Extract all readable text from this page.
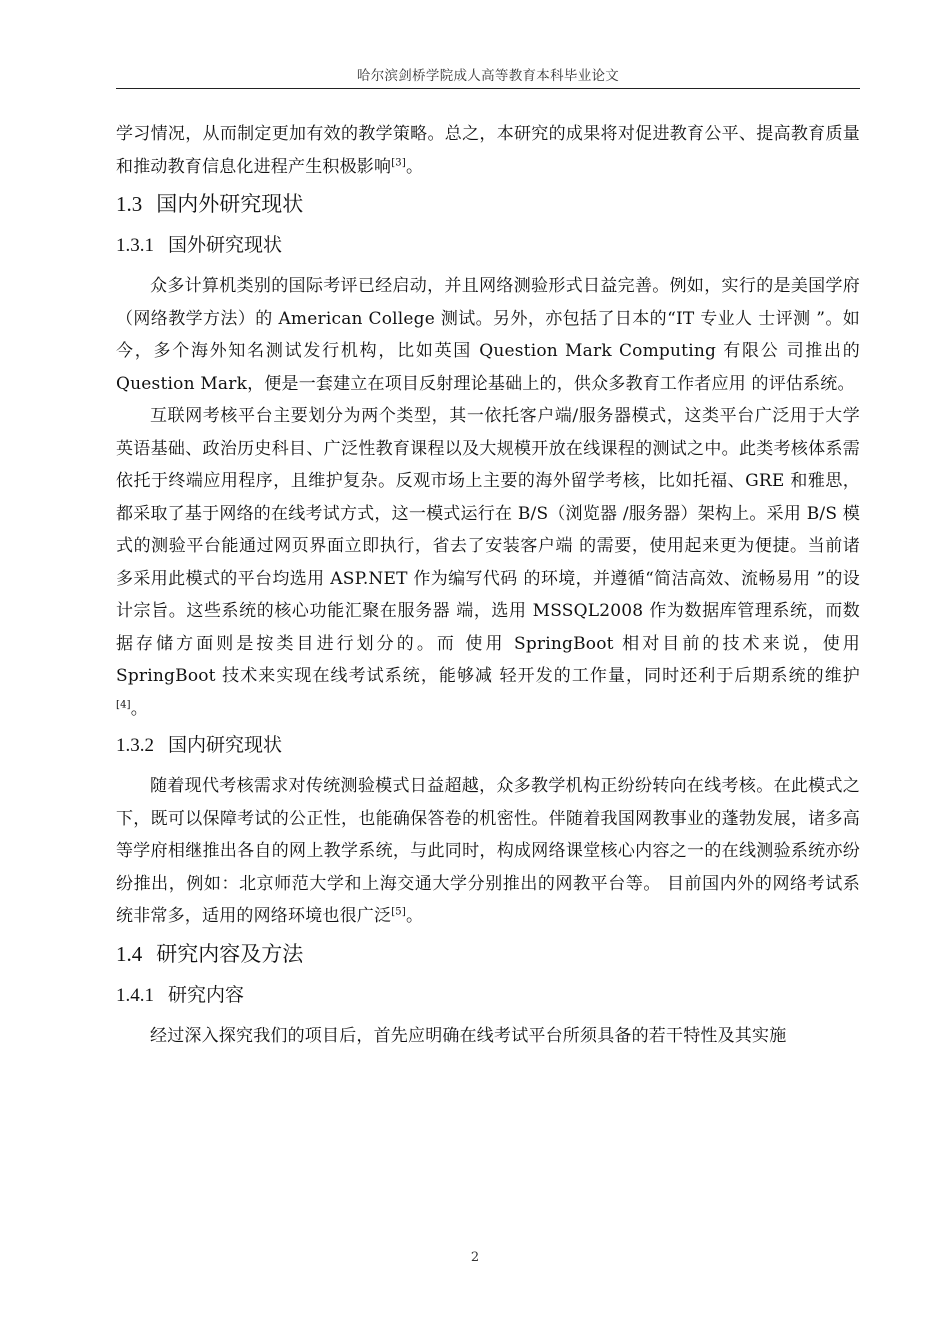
哈尔滨剑桥学院成人高等教育本科毕业论文

学习情况，从而制定更加有效的教学策略。总之，本研究的成果将对促进教育公平、提高教育质量和推动教育信息化进程产生积极影响[3]。

1.3 国内外研究现状
1.3.1 国外研究现状

众多计算机类别的国际考评已经启动，并且网络测验形式日益完善。例如，实行的是美国学府（网络教学方法）的 American College 测试。另外，亦包括了日本的“IT 专业人 士评测 ”。如今，多个海外知名测试发行机构，比如英国 Question Mark Computing 有限公 司推出的 Question Mark，便是一套建立在项目反射理论基础上的，供众多教育工作者应用 的评估系统。

互联网考核平台主要划分为两个类型，其一依托客户端/服务器模式，这类平台广泛用于大学英语基础、政治历史科目、广泛性教育课程以及大规模开放在线课程的测试之中。此类考核体系需依托于终端应用程序，且维护复杂。反观市场上主要的海外留学考核，比如托福、GRE 和雅思，都采取了基于网络的在线考试方式，这一模式运行在 B/S（浏览器 /服务器）架构上。采用 B/S 模式的测验平台能通过网页界面立即执行，省去了安装客户端 的需要，使用起来更为便捷。当前诸多采用此模式的平台均选用 ASP.NET 作为编写代码 的环境，并遵循“简洁高效、流畅易用 ”的设计宗旨。这些系统的核心功能汇聚在服务器 端，选用 MSSQL2008 作为数据库管理系统，而数据存储方面则是按类目进行划分的。而 使用 SpringBoot 相对目前的技术来说，使用 SpringBoot 技术来实现在线考试系统，能够减 轻开发的工作量，同时还利于后期系统的维护[4]。

1.3.2 国内研究现状

随着现代考核需求对传统测验模式日益超越，众多教学机构正纷纷转向在线考核。在此模式之下，既可以保障考试的公正性，也能确保答卷的机密性。伴随着我国网教事业的蓬勃发展，诸多高等学府相继推出各自的网上教学系统，与此同时，构成网络课堂核心内容之一的在线测验系统亦纷纷推出，例如：北京师范大学和上海交通大学分别推出的网教平台等。 目前国内外的网络考试系统非常多，适用的网络环境也很广泛[5]。

1.4 研究内容及方法
1.4.1 研究内容

经过深入探究我们的项目后，首先应明确在线考试平台所须具备的若干特性及其实施

2
